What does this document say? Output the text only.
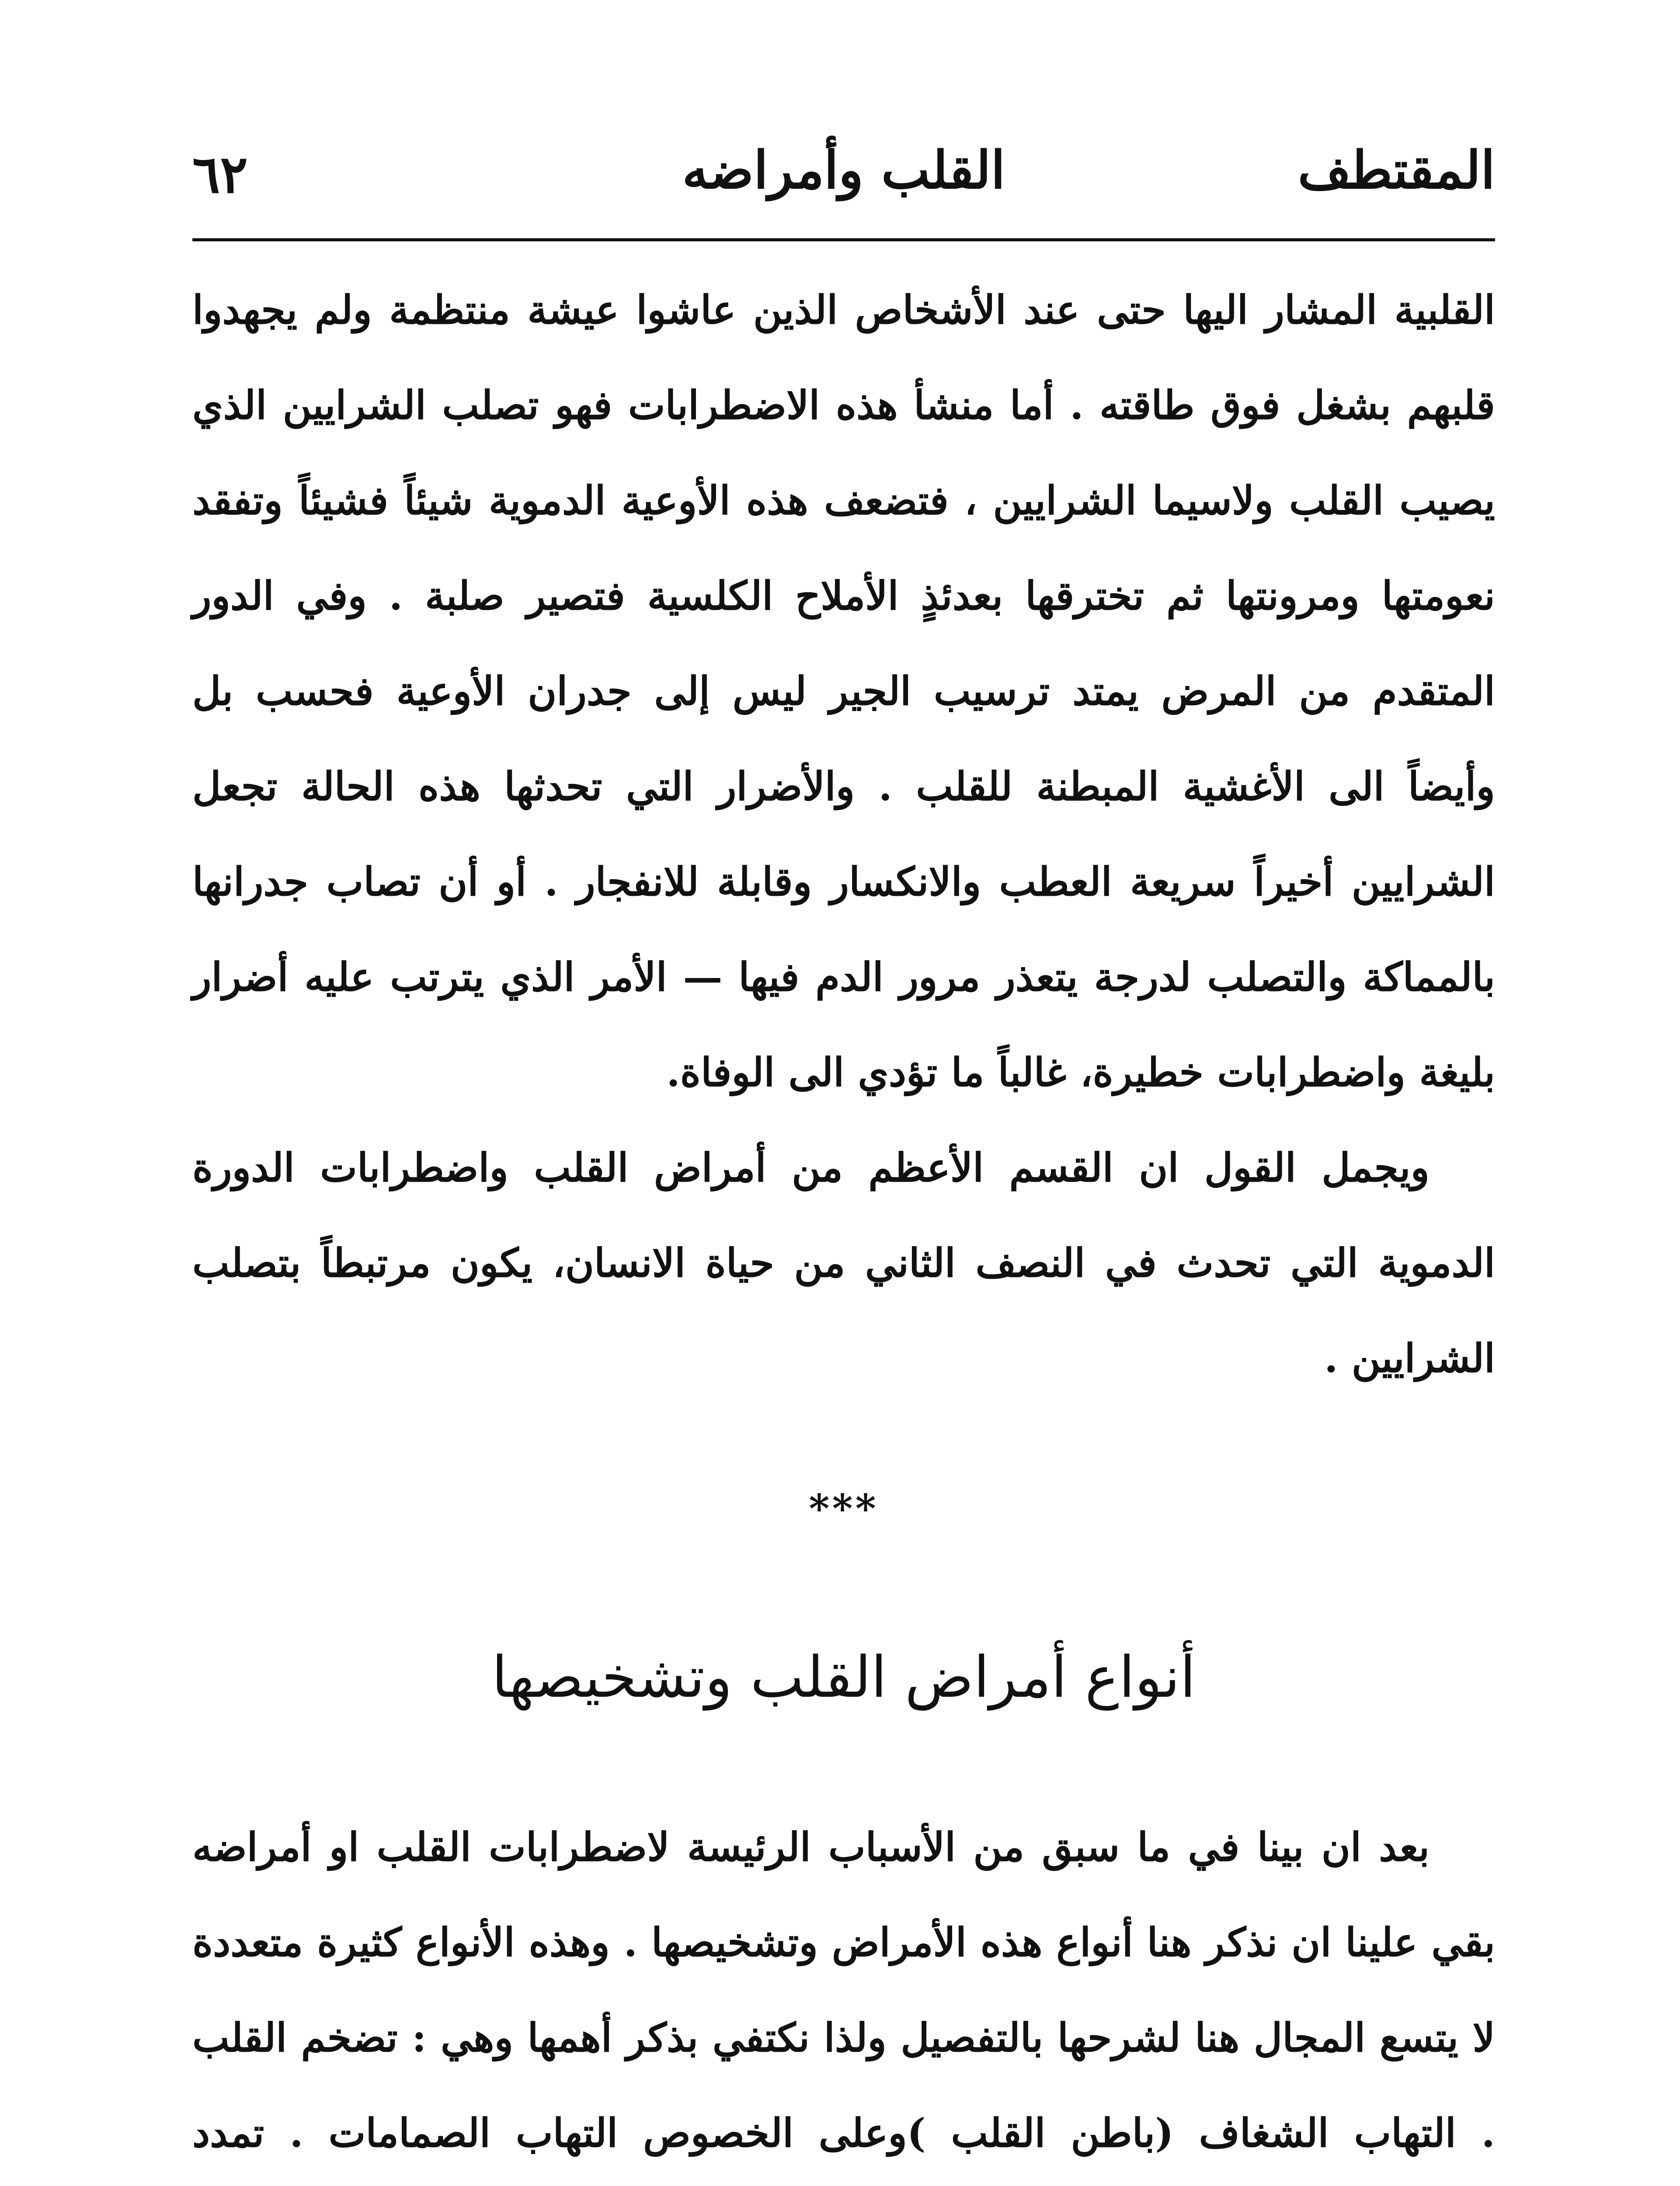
٦٢	القلب وأمراضه	المقتطف

القلبية المشار اليها حتى عند الأشخاص الذين عاشوا عيشة منتظمة ولم يجهدوا قلبهم بشغل فوق طاقته . أما منشأ هذه الاضطرابات فهو تصلب الشرايين الذي يصيب القلب ولاسيما الشرايين ، فتضعف هذه الأوعية الدموية شيئاً فشيئاً وتفقد نعومتها ومرونتها ثم تخترقها بعدئذٍ الأملاح الكلسية فتصير صلبة . وفي الدور المتقدم من المرض يمتد ترسيب الجير ليس إلى جدران الأوعية فحسب بل وأيضاً الى الأغشية المبطنة للقلب . والأضرار التي تحدثها هذه الحالة تجعل الشرايين أخيراً سريعة العطب والانكسار وقابلة للانفجار . أو أن تصاب جدرانها بالمماكة والتصلب لدرجة يتعذر مرور الدم فيها — الأمر الذي يترتب عليه أضرار بليغة واضطرابات خطيرة، غالباً ما تؤدي الى الوفاة.

ويجمل القول ان القسم الأعظم من أمراض القلب واضطرابات الدورة الدموية التي تحدث في النصف الثاني من حياة الانسان، يكون مرتبطاً بتصلب الشرايين .

***
أنواع أمراض القلب وتشخيصها

بعد ان بينا في ما سبق من الأسباب الرئيسة لاضطرابات القلب او أمراضه بقي علينا ان نذكر هنا أنواع هذه الأمراض وتشخيصها . وهذه الأنواع كثيرة متعددة لا يتسع المجال هنا لشرحها بالتفصيل ولذا نكتفي بذكر أهمها وهي : تضخم القلب . التهاب الشغاف (باطن القلب )وعلى الخصوص التهاب الصمامات . تمدد
